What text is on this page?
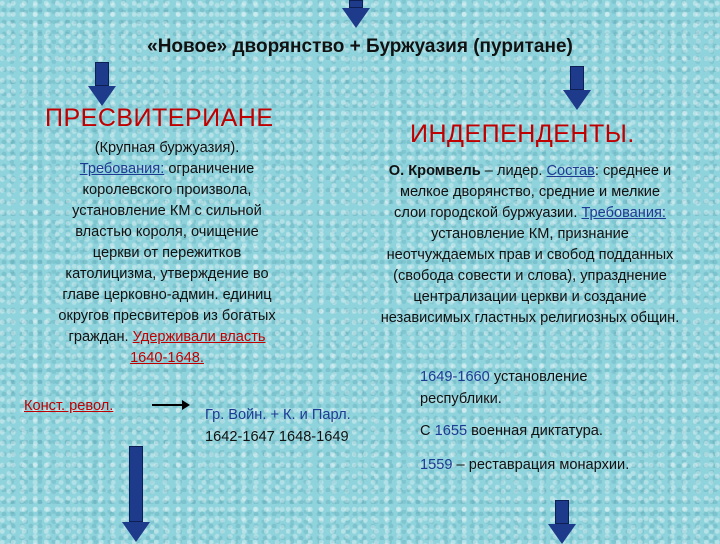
«Новое» дворянство + Буржуазия (пуритане)
ПРЕСВИТЕРИАНЕ
(Крупная буржуазия).
Требования: ограничение
королевского произвола,
установление КМ с сильной
властью короля, очищение
церкви от пережитков
католицизма, утверждение во
главе церковно-админ. единиц
округов пресвитеров из богатых
граждан. Удерживали власть
1640-1648.
ИНДЕПЕНДЕНТЫ.
О. Кромвель – лидер. Состав: среднее и
мелкое дворянство, средние и мелкие
слои городской буржуазии. Требования:
установление КМ, признание
неотчуждаемых прав и свобод подданных
(свобода совести и слова), упразднение
централизации церкви и создание
независимых гластных религиозных общин.
Конст. револ.
Гр. Войн. + К. и Парл.
1642-1647 1648-1649
1649-1660 установление
республики.
С 1655 военная диктатура.
1559 – реставрация монархии.
